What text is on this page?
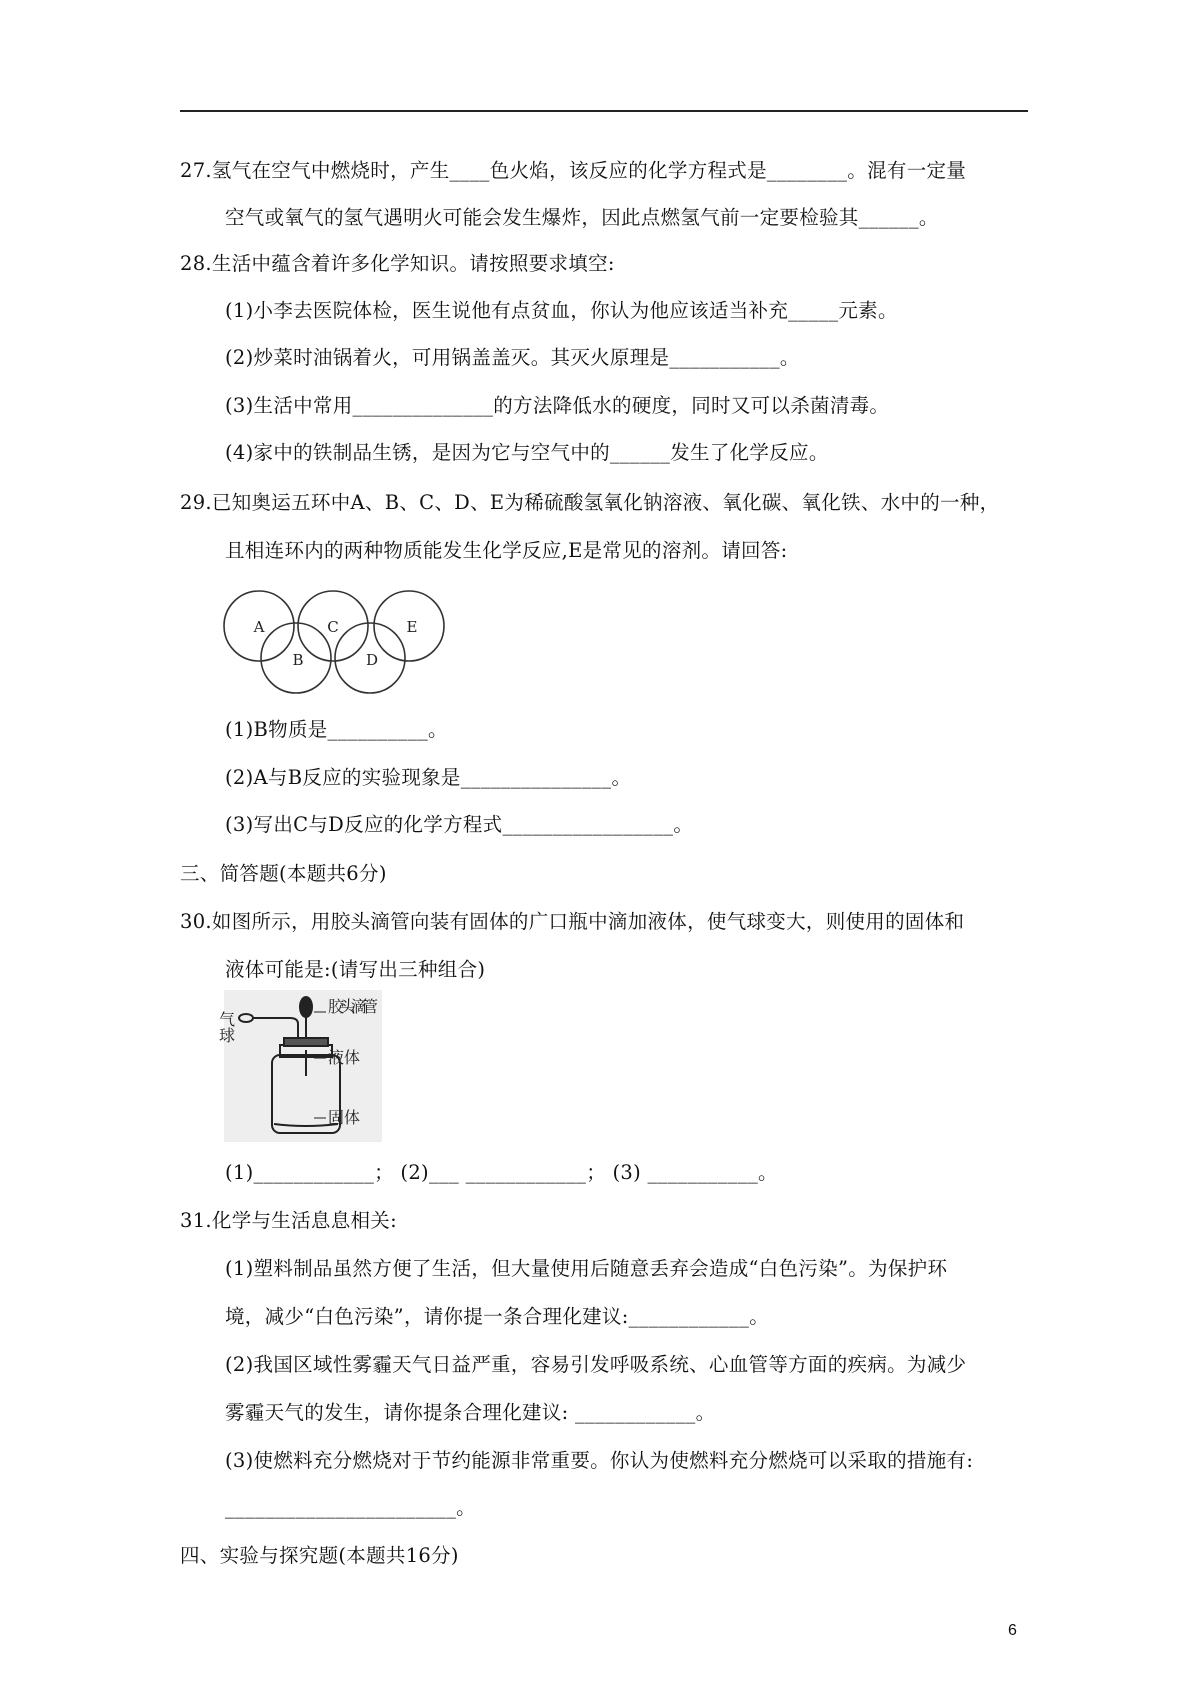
27.氢气在空气中燃烧时，产生____色火焰，该反应的化学方程式是________。混有一定量
空气或氧气的氢气遇明火可能会发生爆炸，因此点燃氢气前一定要检验其______。
28.生活中蕴含着许多化学知识。请按照要求填空:
(1)小李去医院体检，医生说他有点贫血，你认为他应该适当补充_____元素。
(2)炒菜时油锅着火，可用锅盖盖灭。其灭火原理是___________。
(3)生活中常用______________的方法降低水的硬度，同时又可以杀菌清毒。
(4)家中的铁制品生锈，是因为它与空气中的______发生了化学反应。
29.已知奥运五环中A、B、C、D、E为稀硫酸氢氧化钠溶液、氧化碳、氧化铁、水中的一种，
且相连环内的两种物质能发生化学反应,E是常见的溶剂。请回答:
A
B
C
D
E
(1)B物质是__________。
(2)A与B反应的实验现象是_______________。
(3)写出C与D反应的化学方程式_________________。
三、简答题(本题共6分)
30.如图所示，用胶头滴管向装有固体的广口瓶中滴加液体，使气球变大，则使用的固体和
液体可能是:(请写出三种组合)
气球
胶头滴管
液体
固体
(1)____________； (2)___ ____________； (3) ___________。
31.化学与生活息息相关:
(1)塑料制品虽然方便了生活，但大量使用后随意丢弃会造成“白色污染”。为保护环
境，减少“白色污染”，请你提一条合理化建议:____________。
(2)我国区域性雾霾天气日益严重，容易引发呼吸系统、心血管等方面的疾病。为减少
雾霾天气的发生，请你提条合理化建议: ____________。
(3)使燃料充分燃烧对于节约能源非常重要。你认为使燃料充分燃烧可以采取的措施有:
_______________________。
四、实验与探究题(本题共16分)
6
